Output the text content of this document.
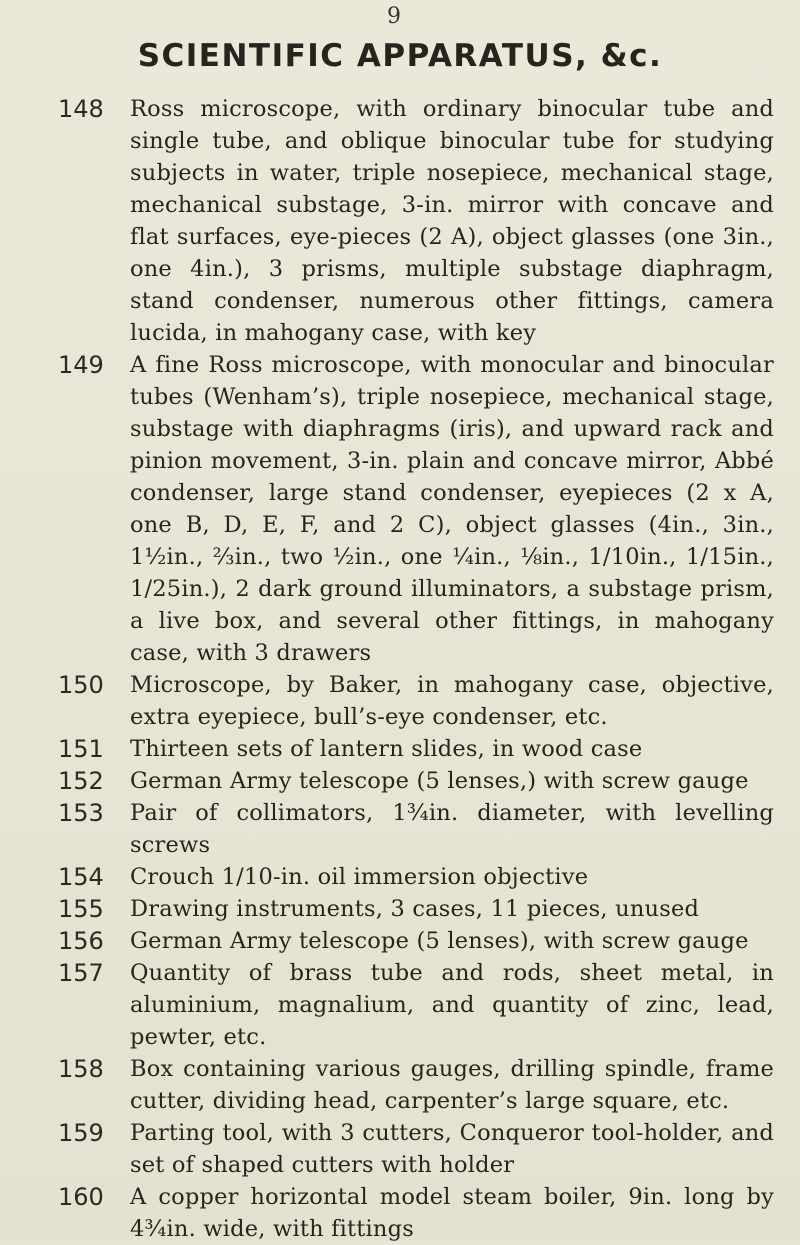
9
SCIENTIFIC APPARATUS, &c.
148	Ross microscope, with ordinary binocular tube and single tube, and oblique binocular tube for studying subjects in water, triple nosepiece, mechanical stage, mechanical substage, 3-in. mirror with concave and flat surfaces, eye-pieces (2 A), object glasses (one 3in., one 4in.), 3 prisms, multiple substage diaphragm, stand condenser, numerous other fittings, camera lucida, in mahogany case, with key
149	A fine Ross microscope, with monocular and binocular tubes (Wenham’s), triple nosepiece, mechanical stage, substage with diaphragms (iris), and upward rack and pinion movement, 3-in. plain and concave mirror, Abbé condenser, large stand condenser, eyepieces (2 x A, one B, D, E, F, and 2 C), object glasses (4in., 3in., 1½in., ⅔in., two ½in., one ¼in., ⅛in., 1/10in., 1/15in., 1/25in.), 2 dark ground illuminators, a substage prism, a live box, and several other fittings, in mahogany case, with 3 drawers
150	Microscope, by Baker, in mahogany case, objective, extra eyepiece, bull’s-eye condenser, etc.
151	Thirteen sets of lantern slides, in wood case
152	German Army telescope (5 lenses,) with screw gauge
153	Pair of collimators, 1¾in. diameter, with levelling screws
154	Crouch 1/10-in. oil immersion objective
155	Drawing instruments, 3 cases, 11 pieces, unused
156	German Army telescope (5 lenses), with screw gauge
157	Quantity of brass tube and rods, sheet metal, in aluminium, magnalium, and quantity of zinc, lead, pewter, etc.
158	Box containing various gauges, drilling spindle, frame cutter, dividing head, carpenter’s large square, etc.
159	Parting tool, with 3 cutters, Conqueror tool-holder, and set of shaped cutters with holder
160	A copper horizontal model steam boiler, 9in. long by 4¾in. wide, with fittings
